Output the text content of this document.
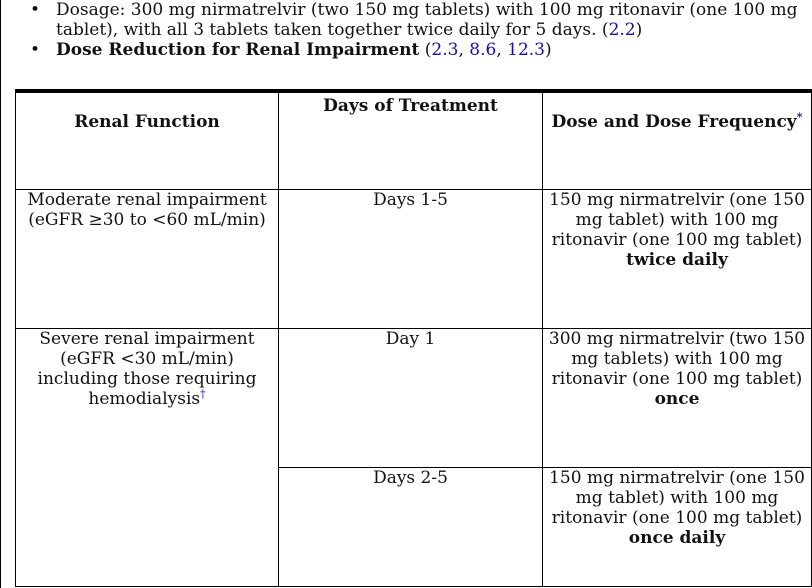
• Dosage: 300 mg nirmatrelvir (two 150 mg tablets) with 100 mg ritonavir (one 100 mg tablet), with all 3 tablets taken together twice daily for 5 days. (2.2)
• Dose Reduction for Renal Impairment (2.3, 8.6, 12.3)
Renal Function	Days of Treatment	Dose and Dose Frequency*
Moderate renal impairment (eGFR ≥30 to <60 mL/min)	Days 1-5	150 mg nirmatrelvir (one 150 mg tablet) with 100 mg ritonavir (one 100 mg tablet) twice daily
Severe renal impairment (eGFR <30 mL/min) including those requiring hemodialysis†	Day 1	300 mg nirmatrelvir (two 150 mg tablets) with 100 mg ritonavir (one 100 mg tablet) once
	Days 2-5	150 mg nirmatrelvir (one 150 mg tablet) with 100 mg ritonavir (one 100 mg tablet) once daily
